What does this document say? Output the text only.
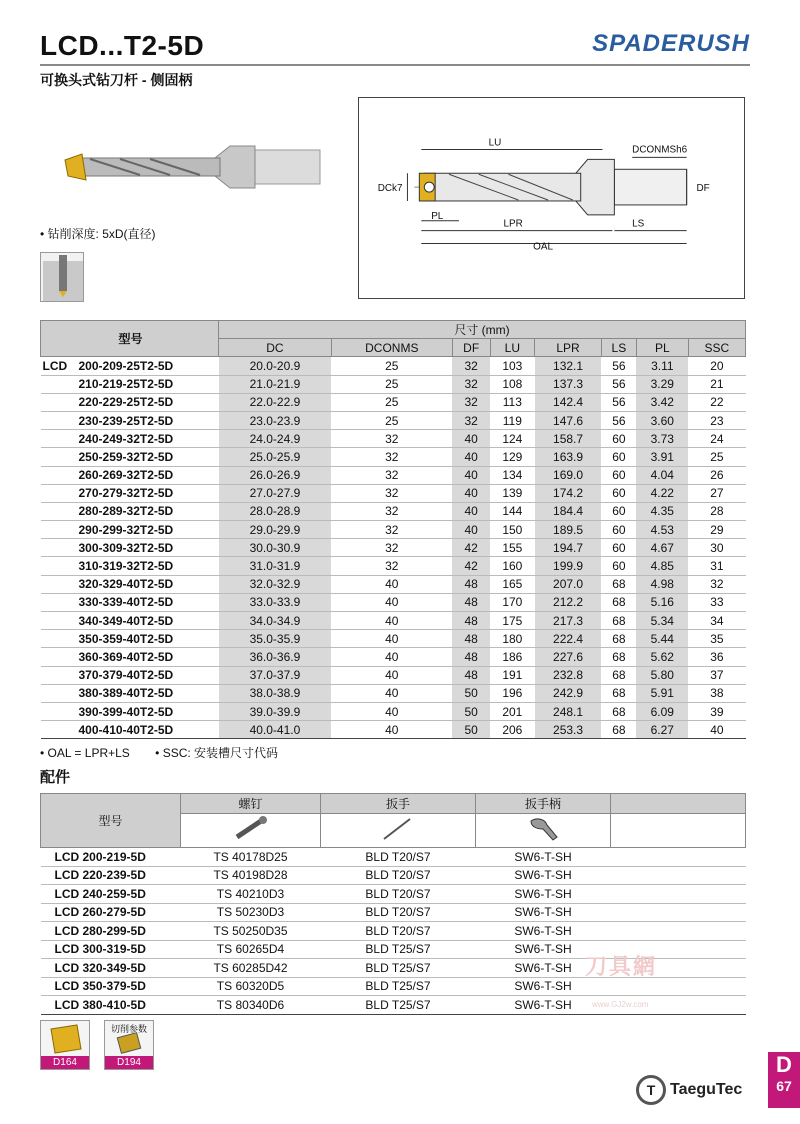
LCD...T2-5D
可换头式钻刀杆 - 侧固柄
SPADERUSH
• 钻削深度: 5xD(直径)
LU
DCONMSh6
DF
DCk7
PL
LPR	LS
OAL
型号	尺寸 (mm)							
	DC	DCONMS	DF	LU	LPR	LS	PL	SSC
LCD 200-209-25T2-5D	20.0-20.9	25	32	103	132.1	56	3.11	20
210-219-25T2-5D	21.0-21.9	25	32	108	137.3	56	3.29	21
220-229-25T2-5D	22.0-22.9	25	32	113	142.4	56	3.42	22
230-239-25T2-5D	23.0-23.9	25	32	119	147.6	56	3.60	23
240-249-32T2-5D	24.0-24.9	32	40	124	158.7	60	3.73	24
250-259-32T2-5D	25.0-25.9	32	40	129	163.9	60	3.91	25
260-269-32T2-5D	26.0-26.9	32	40	134	169.0	60	4.04	26
270-279-32T2-5D	27.0-27.9	32	40	139	174.2	60	4.22	27
280-289-32T2-5D	28.0-28.9	32	40	144	184.4	60	4.35	28
290-299-32T2-5D	29.0-29.9	32	40	150	189.5	60	4.53	29
300-309-32T2-5D	30.0-30.9	32	42	155	194.7	60	4.67	30
310-319-32T2-5D	31.0-31.9	32	42	160	199.9	60	4.85	31
320-329-40T2-5D	32.0-32.9	40	48	165	207.0	68	4.98	32
330-339-40T2-5D	33.0-33.9	40	48	170	212.2	68	5.16	33
340-349-40T2-5D	34.0-34.9	40	48	175	217.3	68	5.34	34
350-359-40T2-5D	35.0-35.9	40	48	180	222.4	68	5.44	35
360-369-40T2-5D	36.0-36.9	40	48	186	227.6	68	5.62	36
370-379-40T2-5D	37.0-37.9	40	48	191	232.8	68	5.80	37
380-389-40T2-5D	38.0-38.9	40	50	196	242.9	68	5.91	38
390-399-40T2-5D	39.0-39.9	40	50	201	248.1	68	6.09	39
400-410-40T2-5D	40.0-41.0	40	50	206	253.3	68	6.27	40
• OAL = LPR+LS • SSC: 安装槽尺寸代码
配件
型号	螺钉	扳手	扳手柄	

LCD 200-219-5D	TS 40178D25	BLD T20/S7	SW6-T-SH	
LCD 220-239-5D	TS 40198D28	BLD T20/S7	SW6-T-SH	
LCD 240-259-5D	TS 40210D3	BLD T20/S7	SW6-T-SH	
LCD 260-279-5D	TS 50230D3	BLD T20/S7	SW6-T-SH	
LCD 280-299-5D	TS 50250D35	BLD T20/S7	SW6-T-SH	
LCD 300-319-5D	TS 60265D4	BLD T25/S7	SW6-T-SH	
LCD 320-349-5D	TS 60285D42	BLD T25/S7	SW6-T-SH	
LCD 350-379-5D	TS 60320D5	BLD T25/S7	SW6-T-SH	
LCD 380-410-5D	TS 80340D6	BLD T25/S7	SW6-T-SH	
D164
切削参数
D194
刀具網
www.GJ2w.com
T TaeguTec
D
67
